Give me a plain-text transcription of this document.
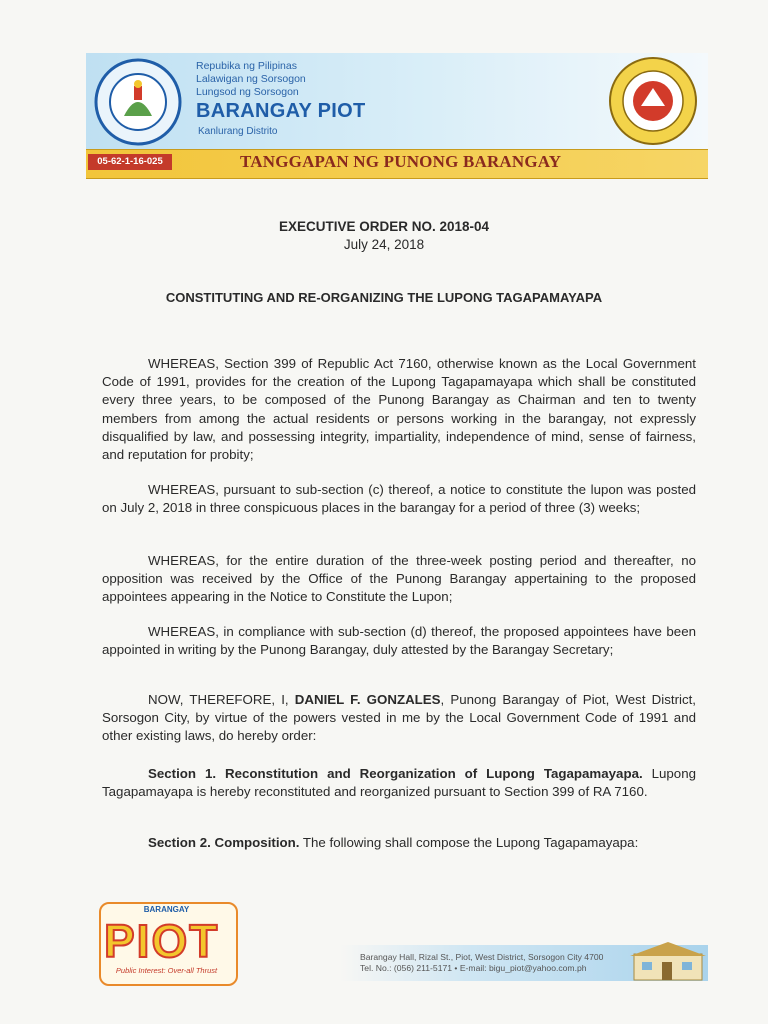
Repubika ng Pilipinas
Lalawigan ng Sorsogon
Lungsod ng Sorsogon
BARANGAY PIOT
Kanlurang Distrito
05-62-1-16-025	TANGGAPAN NG PUNONG BARANGAY
EXECUTIVE ORDER NO. 2018-04
July 24, 2018
CONSTITUTING AND RE-ORGANIZING THE LUPONG TAGAPAMAYAPA
WHEREAS, Section 399 of Republic Act 7160, otherwise known as the Local Government Code of 1991, provides for the creation of the Lupong Tagapamayapa which shall be constituted every three years, to be composed of the Punong Barangay as Chairman and ten to twenty members from among the actual residents or persons working in the barangay, not expressly disqualified by law, and possessing integrity, impartiality, independence of mind, sense of fairness, and reputation for probity;
WHEREAS, pursuant to sub-section (c) thereof, a notice to constitute the lupon was posted on July 2, 2018 in three conspicuous places in the barangay for a period of three (3) weeks;
WHEREAS, for the entire duration of the three-week posting period and thereafter, no opposition was received by the Office of the Punong Barangay appertaining to the proposed appointees appearing in the Notice to Constitute the Lupon;
WHEREAS, in compliance with sub-section (d) thereof, the proposed appointees have been appointed in writing by the Punong Barangay, duly attested by the Barangay Secretary;
NOW, THEREFORE, I, DANIEL F. GONZALES, Punong Barangay of Piot, West District, Sorsogon City, by virtue of the powers vested in me by the Local Government Code of 1991 and other existing laws, do hereby order:
Section 1. Reconstitution and Reorganization of Lupong Tagapamayapa. Lupong Tagapamayapa is hereby reconstituted and reorganized pursuant to Section 399 of RA 7160.
Section 2. Composition. The following shall compose the Lupong Tagapamayapa:
BARANGAY
PIOT
Public Interest: Over-all Thrust
Barangay Hall, Rizal St., Piot, West District, Sorsogon City 4700
Tel. No.: (056) 211-5171 • E-mail: bigu_piot@yahoo.com.ph
